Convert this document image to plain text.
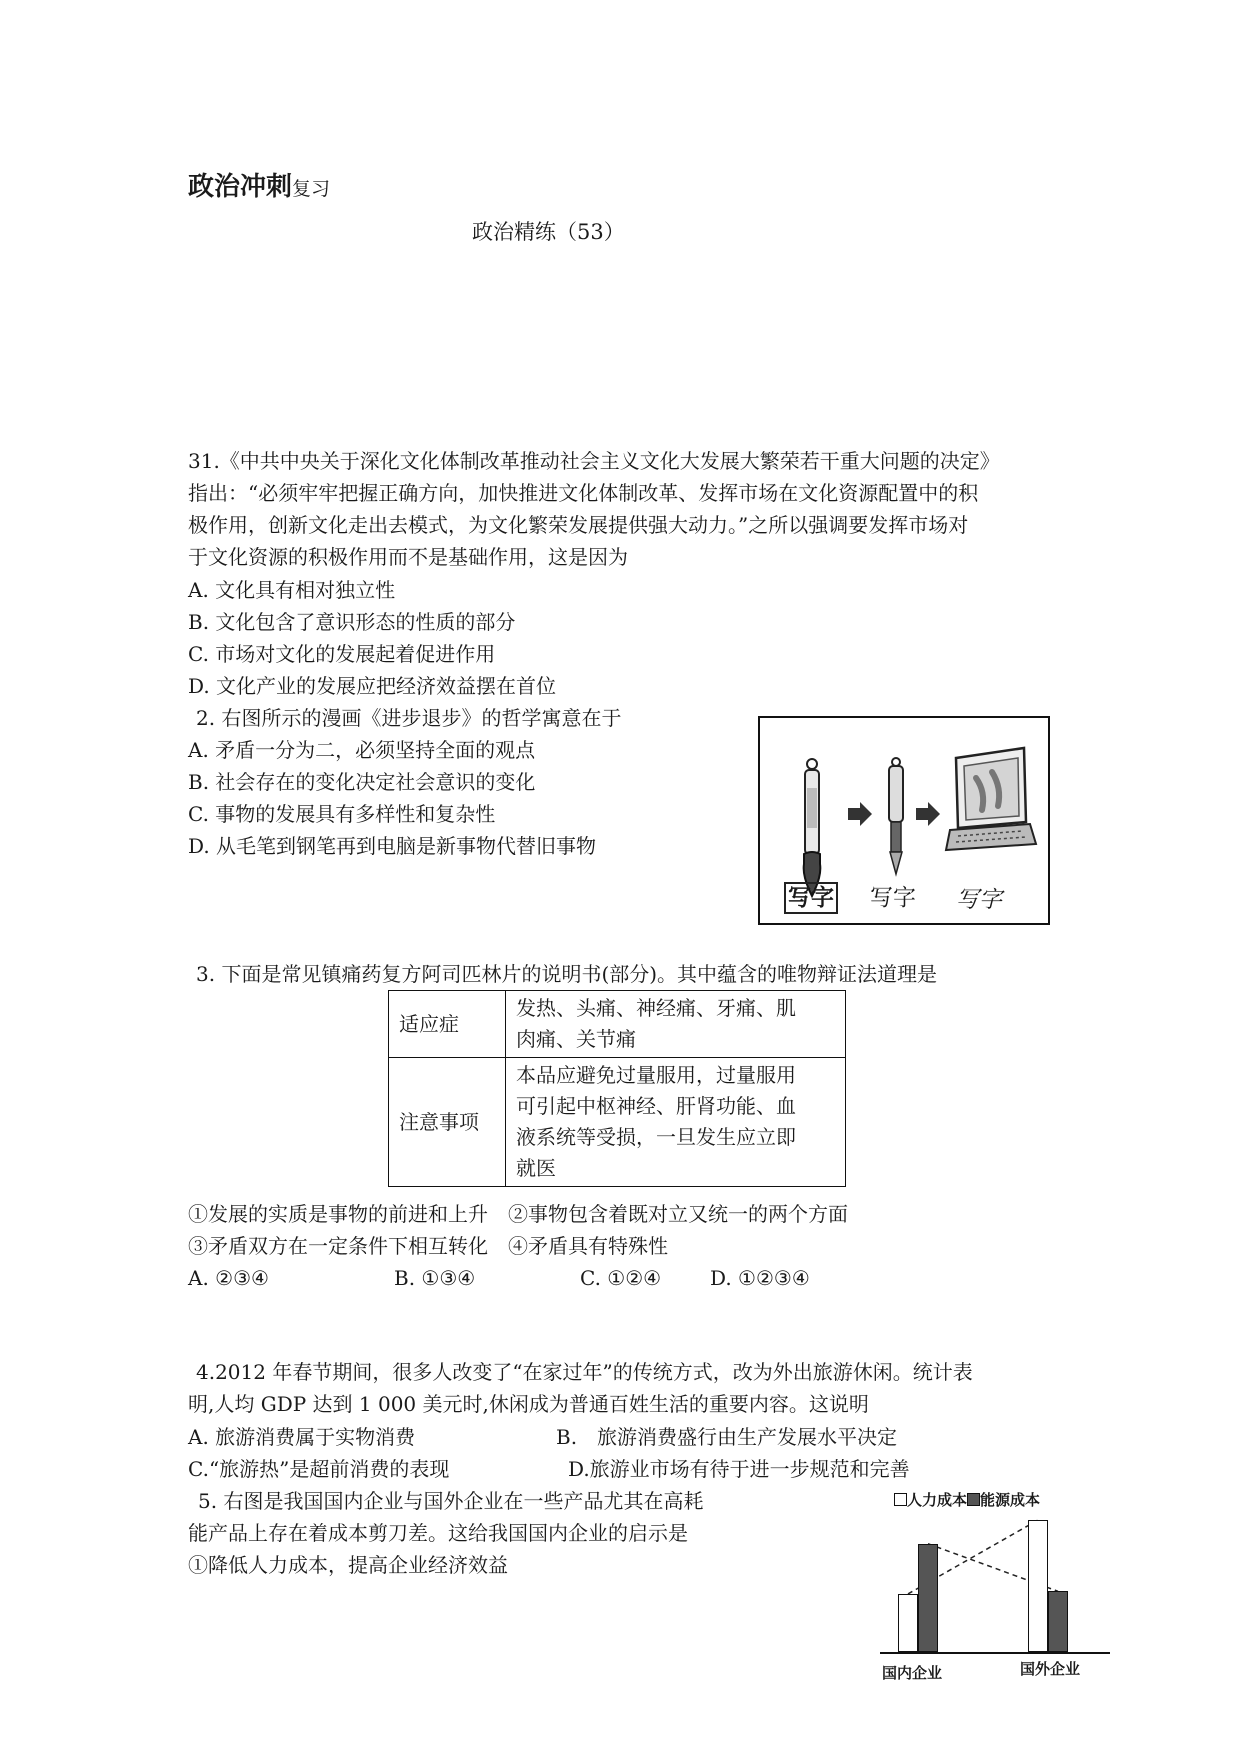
政治冲刺复习
政治精练（53）
31.《中共中央关于深化文化体制改革推动社会主义文化大发展大繁荣若干重大问题的决定》
指出：“必须牢牢把握正确方向，加快推进文化体制改革、发挥市场在文化资源配置中的积
极作用，创新文化走出去模式，为文化繁荣发展提供强大动力。”之所以强调要发挥市场对
于文化资源的积极作用而不是基础作用，这是因为
A. 文化具有相对独立性
B. 文化包含了意识形态的性质的部分
C. 市场对文化的发展起着促进作用
D. 文化产业的发展应把经济效益摆在首位
2. 右图所示的漫画《进步退步》的哲学寓意在于
A. 矛盾一分为二，必须坚持全面的观点
B. 社会存在的变化决定社会意识的变化
C. 事物的发展具有多样性和复杂性
D. 从毛笔到钢笔再到电脑是新事物代替旧事物
写字 写字 写字
3. 下面是常见镇痛药复方阿司匹林片的说明书(部分)。其中蕴含的唯物辩证法道理是
适应症	发热、头痛、神经痛、牙痛、肌
肉痛、关节痛

注意事项	本品应避免过量服用，过量服用
可引起中枢神经、肝肾功能、血
液系统等受损，一旦发生应立即
就医
①发展的实质是事物的前进和上升　②事物包含着既对立又统一的两个方面
③矛盾双方在一定条件下相互转化　④矛盾具有特殊性
A. ②③④	B. ①③④	C. ①②④ D. ①②③④
4.2012 年春节期间，很多人改变了“在家过年”的传统方式，改为外出旅游休闲。统计表
明,人均 GDP 达到 1 000 美元时,休闲成为普通百姓生活的重要内容。这说明
A. 旅游消费属于实物消费	B.　旅游消费盛行由生产发展水平决定
C.“旅游热”是超前消费的表现	D.旅游业市场有待于进一步规范和完善
5. 右图是我国国内企业与国外企业在一些产品尤其在高耗
能产品上存在着成本剪刀差。这给我国国内企业的启示是
①降低人力成本，提高企业经济效益
人力成本 能源成本
国内企业	国外企业
